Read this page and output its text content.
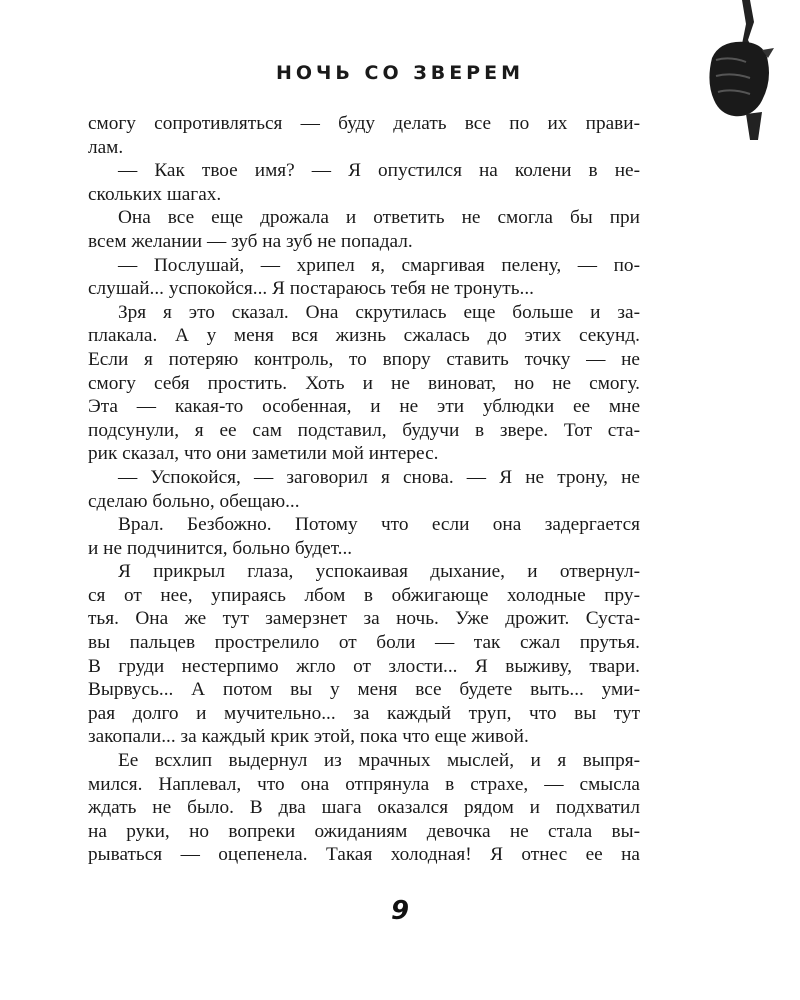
НОЧЬ СО ЗВЕРЕМ
смогу сопротивляться — буду делать все по их прави-
лам.
— Как твое имя? — Я опустился на колени в не-
скольких шагах.
Она все еще дрожала и ответить не смогла бы при
всем желании — зуб на зуб не попадал.
— Послушай, — хрипел я, смаргивая пелену, — по-
слушай... успокойся... Я постараюсь тебя не тронуть...
Зря я это сказал. Она скрутилась еще больше и за-
плакала. А у меня вся жизнь сжалась до этих секунд.
Если я потеряю контроль, то впору ставить точку — не
смогу себя простить. Хоть и не виноват, но не смогу.
Эта — какая-то особенная, и не эти ублюдки ее мне
подсунули, я ее сам подставил, будучи в звере. Тот ста-
рик сказал, что они заметили мой интерес.
— Успокойся, — заговорил я снова. — Я не трону, не
сделаю больно, обещаю...
Врал. Безбожно. Потому что если она задергается
и не подчинится, больно будет...
Я прикрыл глаза, успокаивая дыхание, и отвернул-
ся от нее, упираясь лбом в обжигающе холодные пру-
тья. Она же тут замерзнет за ночь. Уже дрожит. Суста-
вы пальцев прострелило от боли — так сжал прутья.
В груди нестерпимо жгло от злости... Я выживу, твари.
Вырвусь... А потом вы у меня все будете выть... уми-
рая долго и мучительно... за каждый труп, что вы тут
закопали... за каждый крик этой, пока что еще живой.
Ее всхлип выдернул из мрачных мыслей, и я выпря-
мился. Наплевал, что она отпрянула в страхе, — смысла
ждать не было. В два шага оказался рядом и подхватил
на руки, но вопреки ожиданиям девочка не стала вы-
рываться — оцепенела. Такая холодная! Я отнес ее на
9
